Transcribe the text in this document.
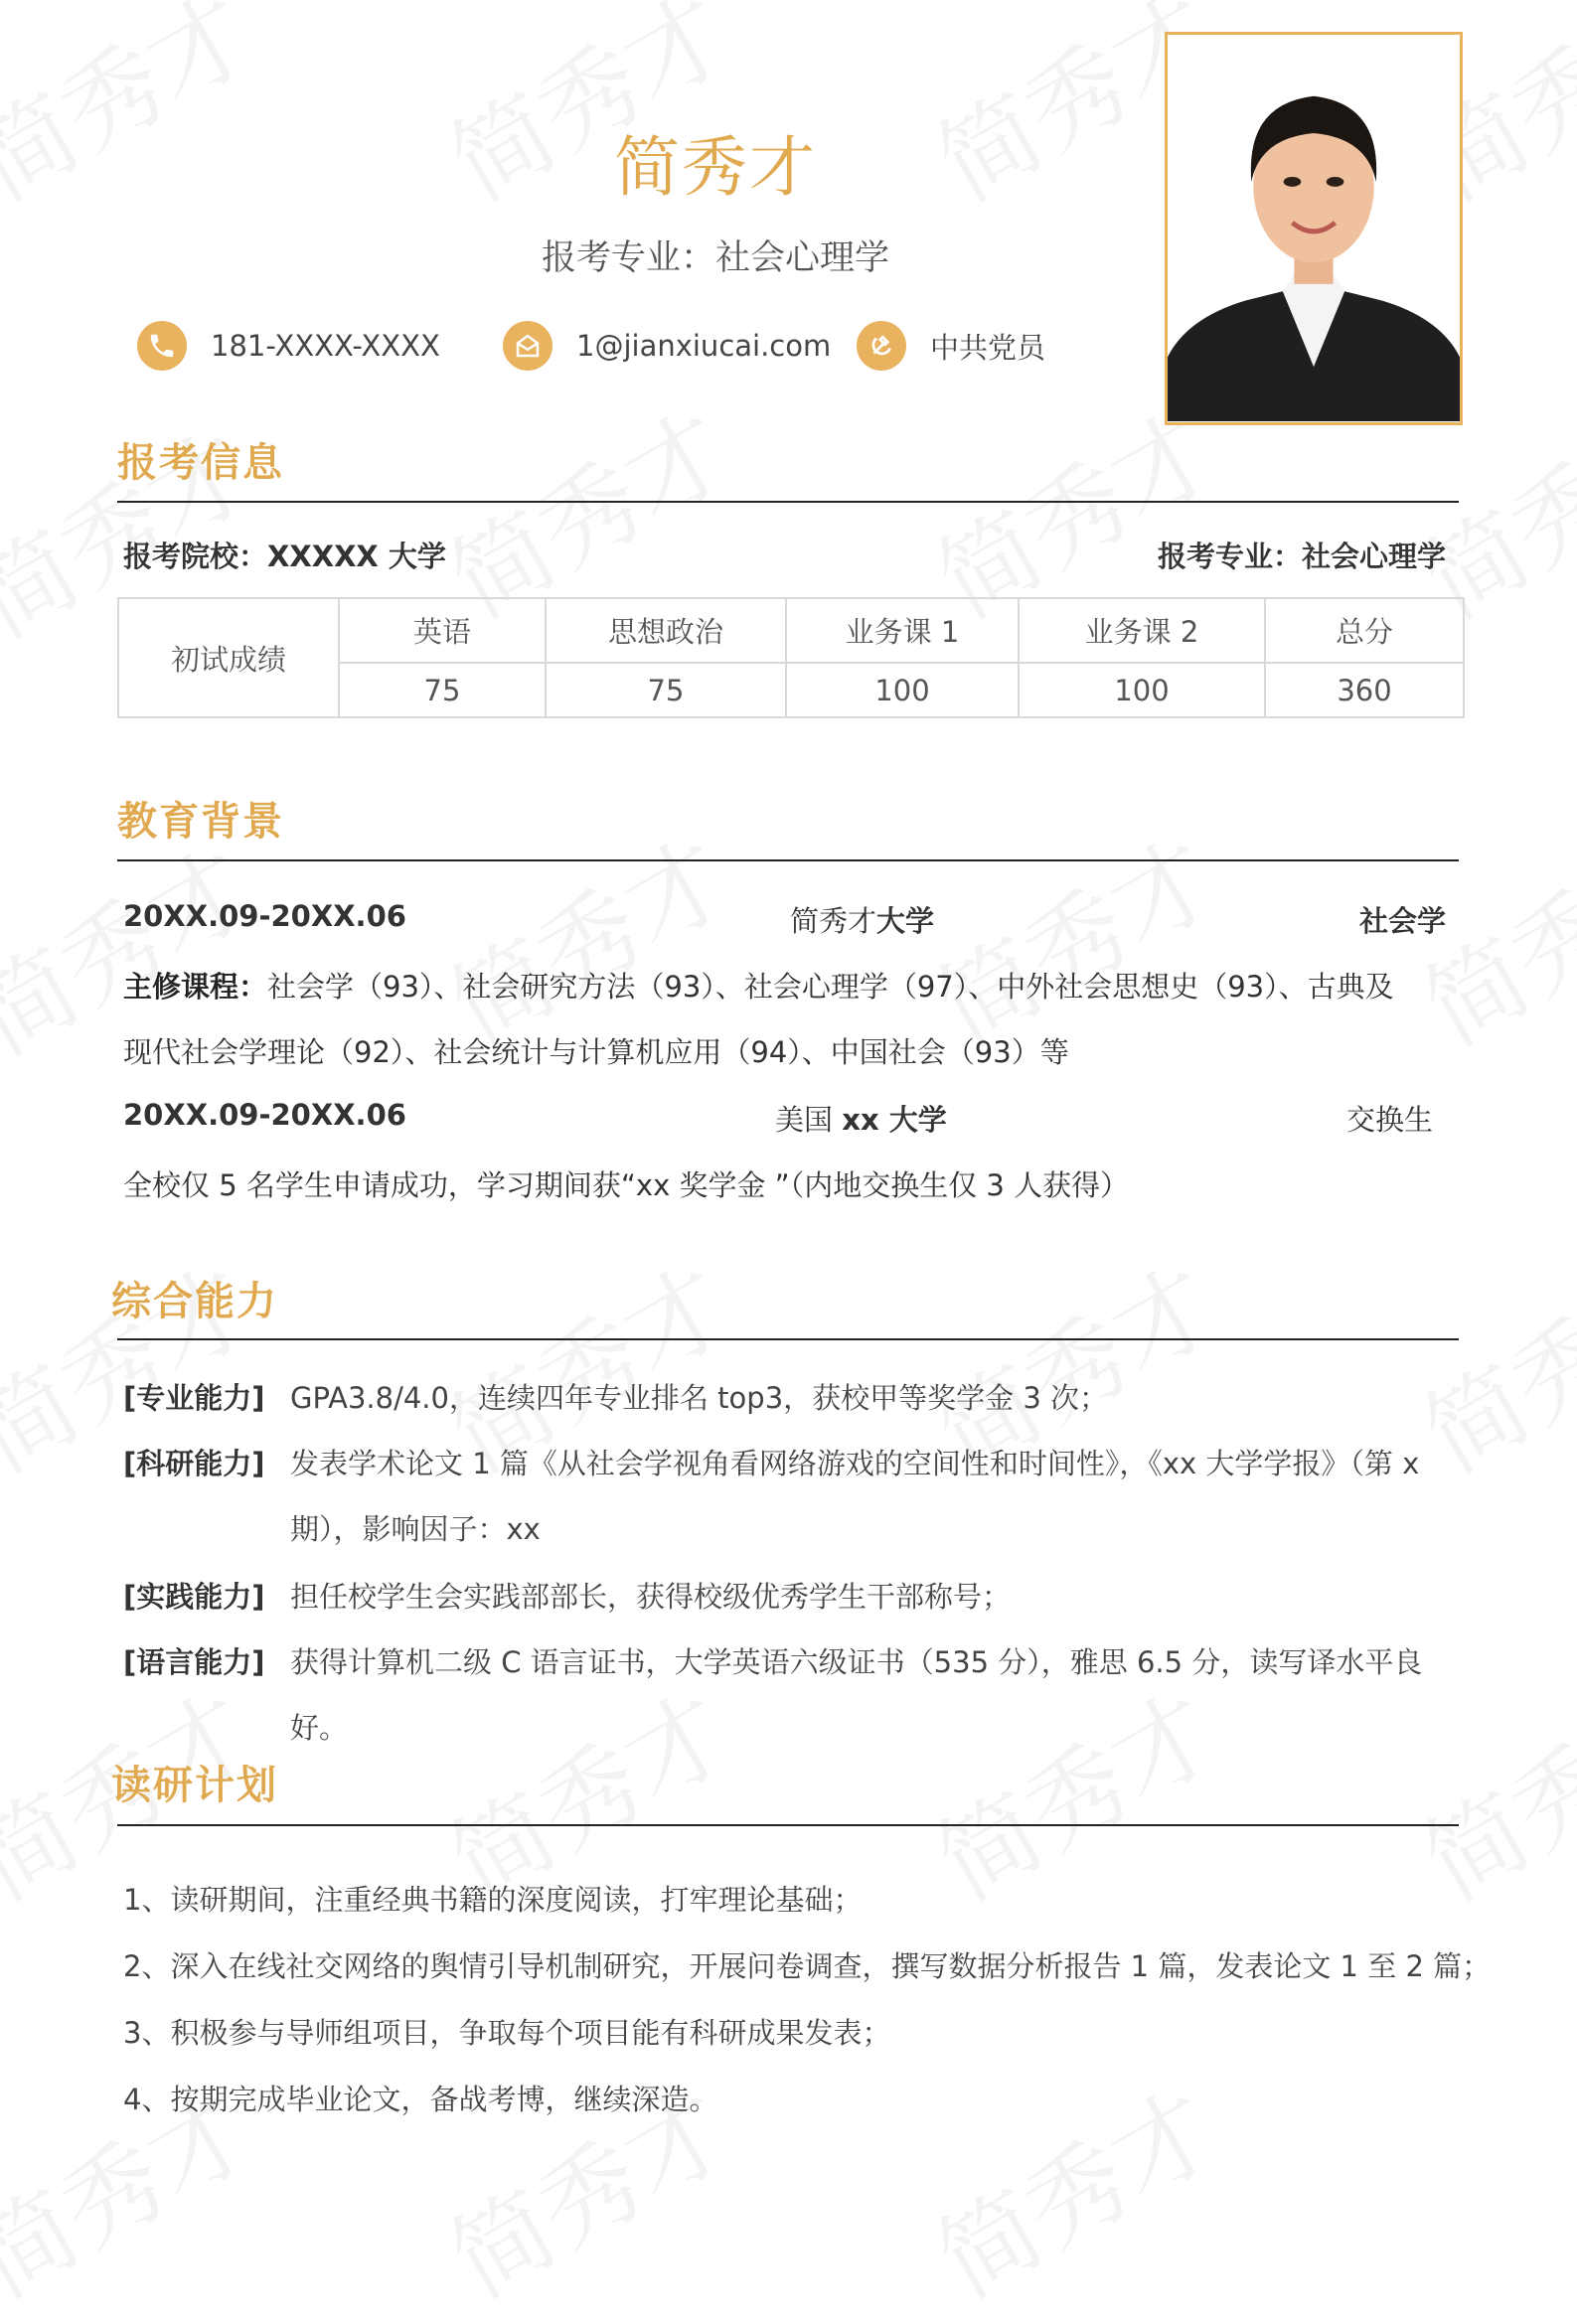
简秀才
报考专业：社会心理学
181-XXXX-XXXX	1@jianxiucai.com	中共党员
报考信息
报考院校：XXXXX 大学	报考专业：社会心理学
初试成绩	英语	思想政治	业务课 1	业务课 2	总分
	75	75	100	100	360
教育背景
20XX.09-20XX.06	简秀才大学	社会学
主修课程：社会学（93）、社会研究方法（93）、社会心理学（97）、中外社会思想史（93）、古典及
现代社会学理论（92）、社会统计与计算机应用（94）、中国社会（93）等
20XX.09-20XX.06	美国 xx 大学	交换生
全校仅 5 名学生申请成功，学习期间获“xx 奖学金 ”（内地交换生仅 3 人获得）
综合能力
[专业能力] GPA3.8/4.0，连续四年专业排名 top3，获校甲等奖学金 3 次；
[科研能力] 发表学术论文 1 篇《从社会学视角看网络游戏的空间性和时间性》，《xx 大学学报》（第 x 期），影响因子：xx
[实践能力] 担任校学生会实践部部长，获得校级优秀学生干部称号；
[语言能力] 获得计算机二级 C 语言证书，大学英语六级证书（535 分），雅思 6.5 分，读写译水平良好。
读研计划
1、读研期间，注重经典书籍的深度阅读，打牢理论基础；
2、深入在线社交网络的舆情引导机制研究，开展问卷调查，撰写数据分析报告 1 篇，发表论文 1 至 2 篇；
3、积极参与导师组项目，争取每个项目能有科研成果发表；
4、按期完成毕业论文，备战考博，继续深造。
